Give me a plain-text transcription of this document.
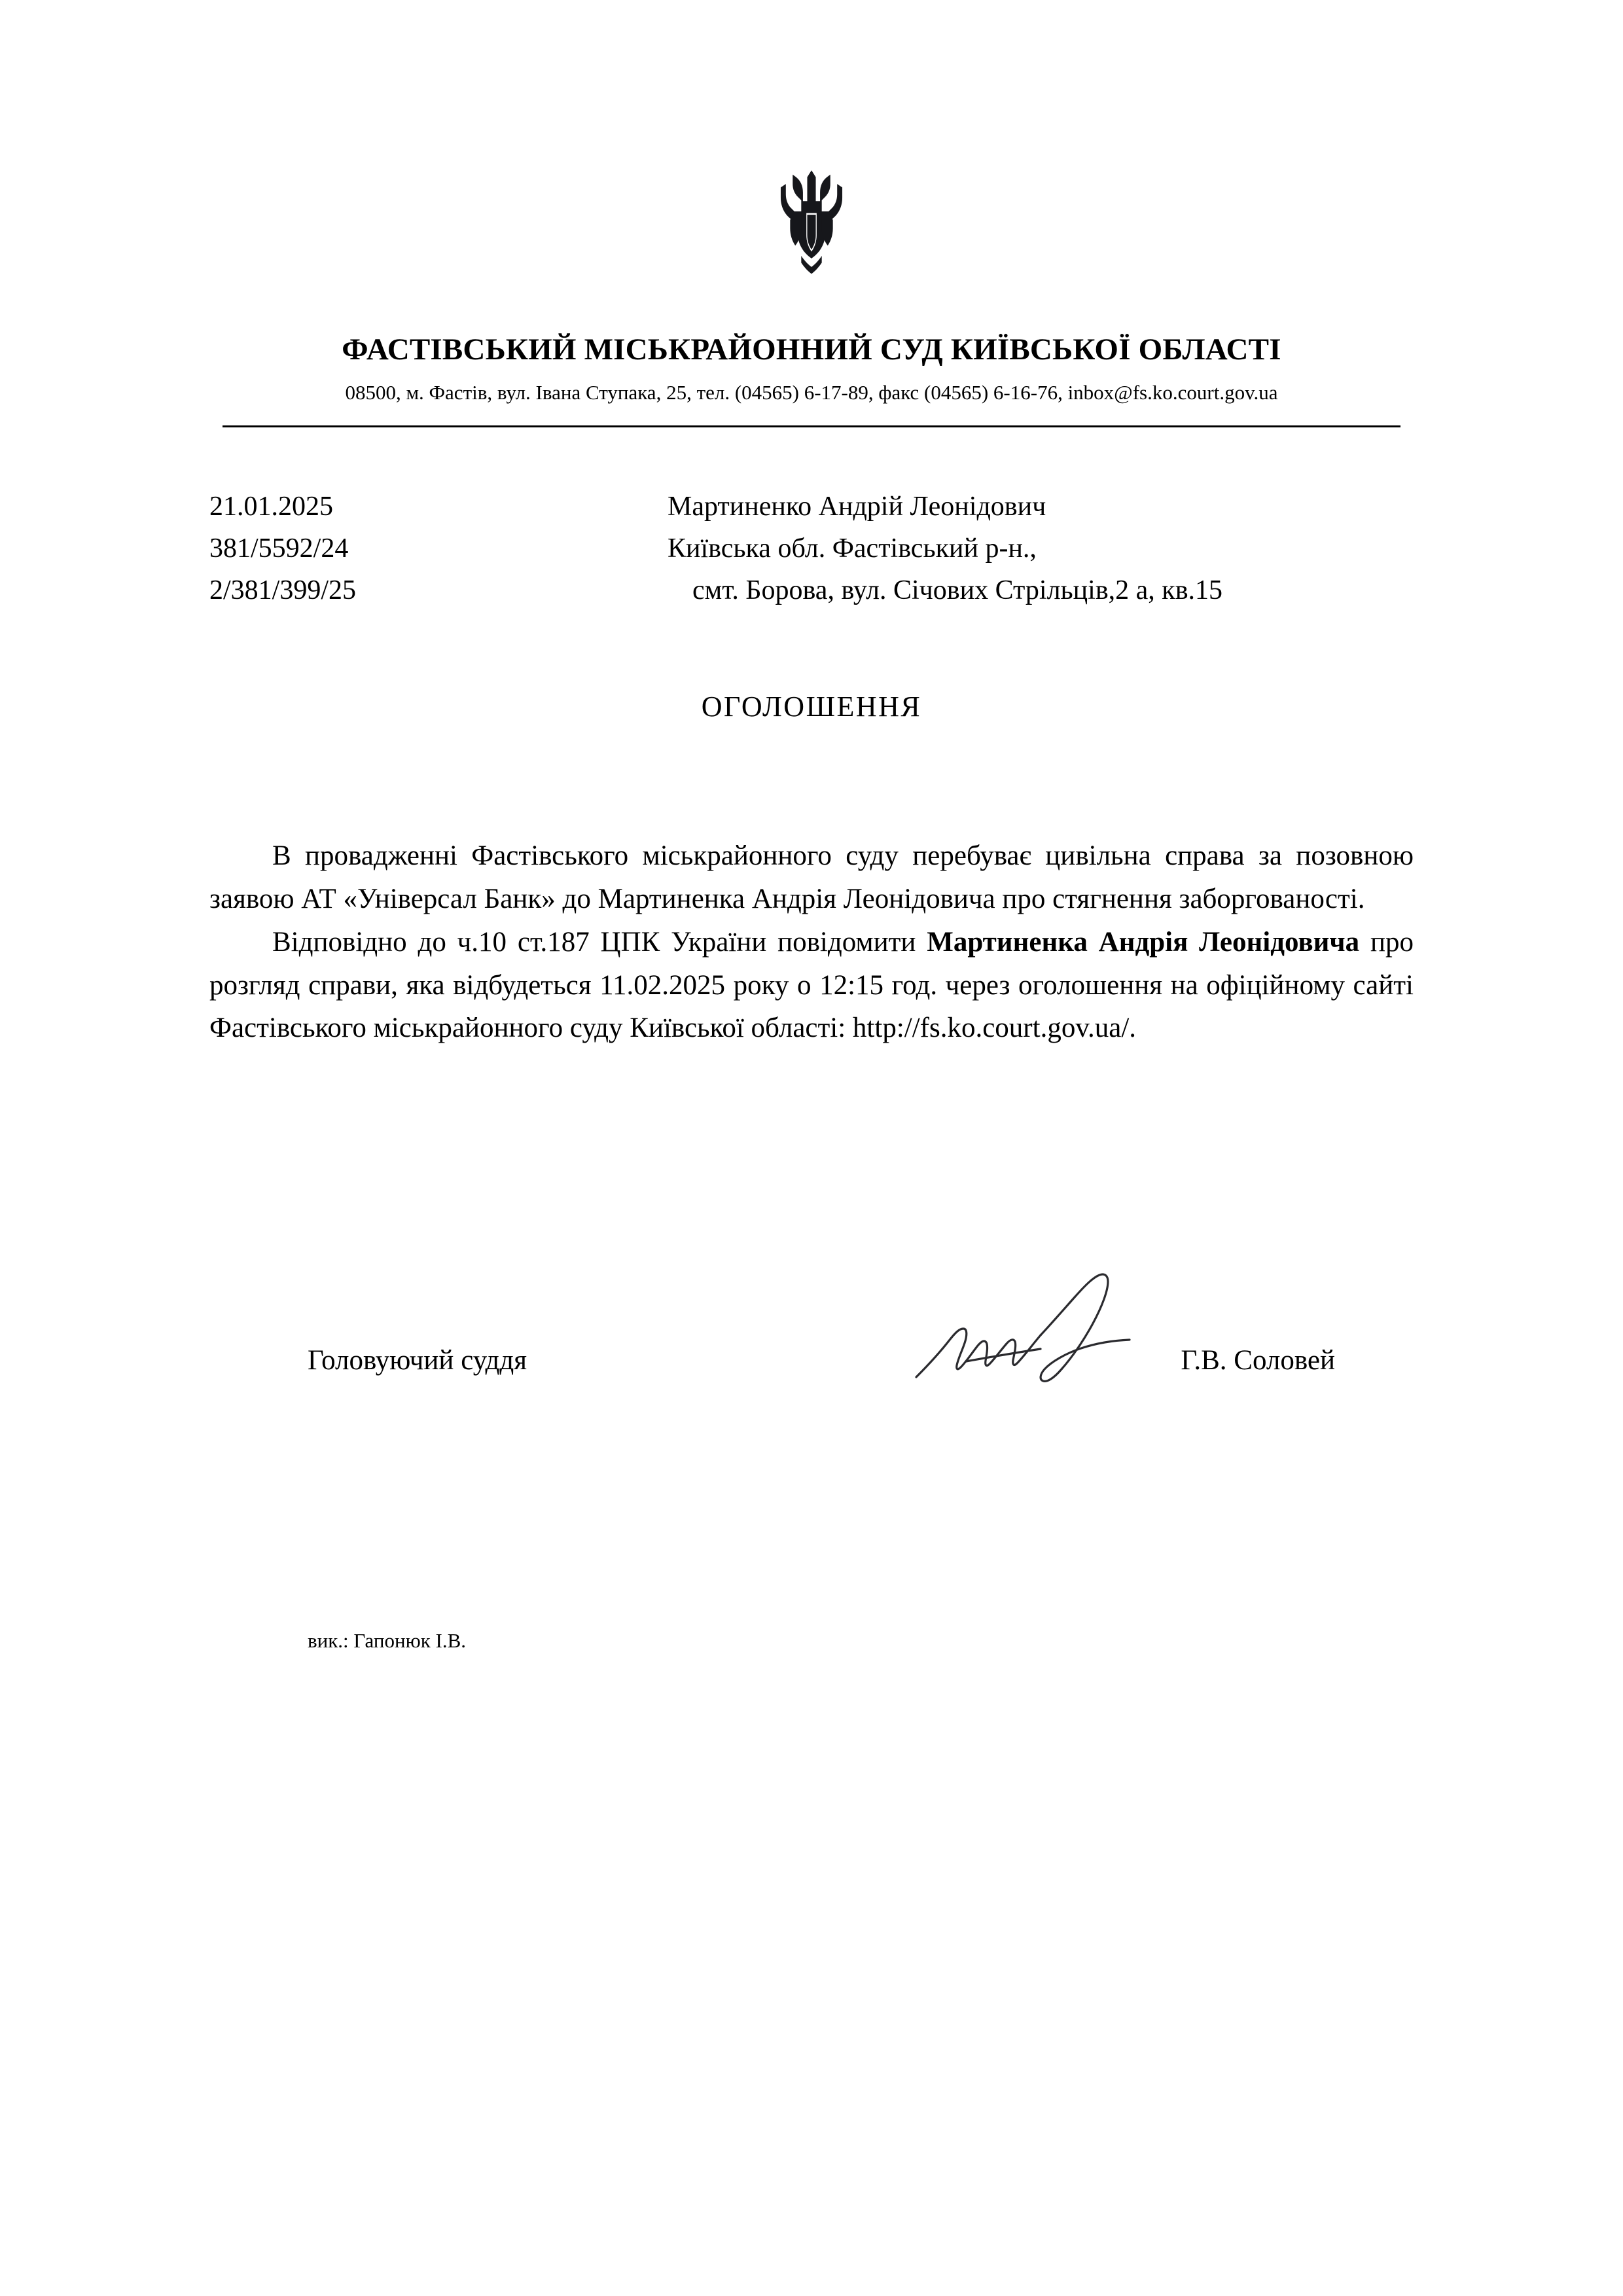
ФАСТІВСЬКИЙ МІСЬКРАЙОННИЙ СУД КИЇВСЬКОЇ ОБЛАСТІ
08500, м. Фастів, вул. Івана Ступака, 25, тел. (04565) 6-17-89, факс (04565) 6-16-76, inbox@fs.ko.court.gov.ua
21.01.2025
381/5592/24
2/381/399/25
Мартиненко Андрій Леонідович
Київська обл. Фастівський р-н.,
смт. Борова, вул. Січових Стрільців,2 а, кв.15
ОГОЛОШЕННЯ

В провадженні Фастівського міськрайонного суду перебуває цивільна справа за позовною заявою АТ «Універсал Банк» до Мартиненка Андрія Леонідовича про стягнення заборгованості.

Відповідно до ч.10 ст.187 ЦПК України повідомити Мартиненка Андрія Леонідовича про розгляд справи, яка відбудеться 11.02.2025 року о 12:15 год. через оголошення на офіційному сайті Фастівського міськрайонного суду Київської області: http://fs.ko.court.gov.ua/.

Головуючий суддя	Г.В. Соловей
вик.: Гапонюк І.В.
